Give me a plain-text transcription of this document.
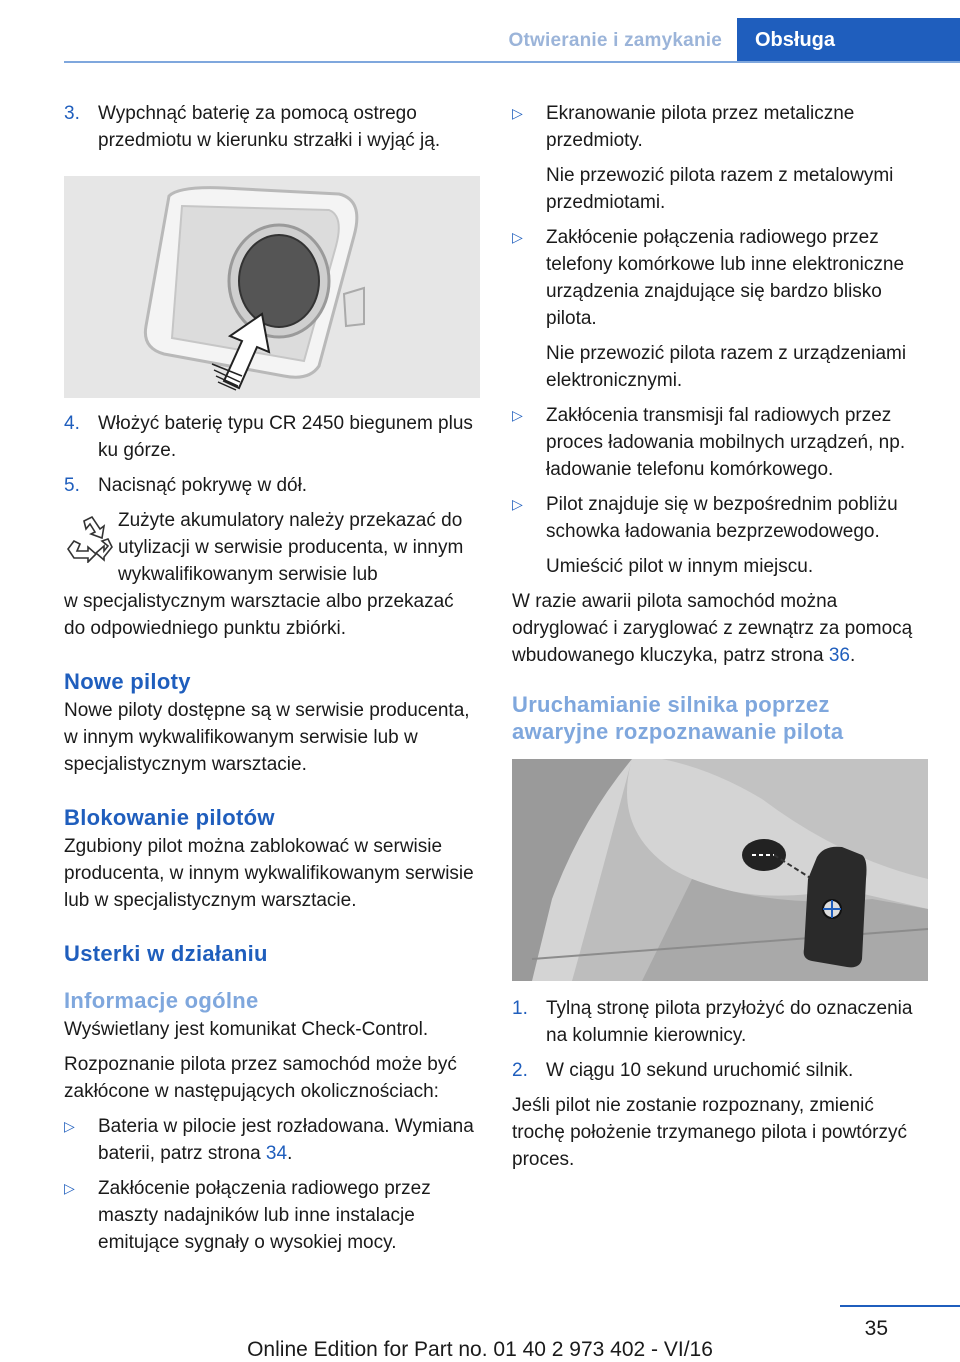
Otwieranie i zamykanie	Obsługa
3. Wypchnąć baterię za pomocą ostrego przedmiotu w kierunku strzałki i wyjąć ją.
4. Włożyć baterię typu CR 2450 biegunem plus ku górze.
5. Nacisnąć pokrywę w dół.
Zużyte akumulatory należy przekazać do utylizacji w serwisie producenta, w innym wykwalifikowanym serwisie lub
w specjalistycznym warsztacie albo przekazać do odpowiedniego punktu zbiórki.
Nowe piloty

Nowe piloty dostępne są w serwisie producenta, w innym wykwalifikowanym serwisie lub w specjalistycznym warsztacie.

Blokowanie pilotów

Zgubiony pilot można zablokować w serwisie producenta, w innym wykwalifikowanym serwisie lub w specjalistycznym warsztacie.

Usterki w działaniu
Informacje ogólne

Wyświetlany jest komunikat Check-Control.

Rozpoznanie pilota przez samochód może być zakłócone w następujących okolicznościach:

▷ Bateria w pilocie jest rozładowana. Wymiana baterii, patrz strona 34.
▷ Zakłócenie połączenia radiowego przez maszty nadajników lub inne instalacje emitujące sygnały o wysokiej mocy.
▷ Ekranowanie pilota przez metaliczne przedmioty.

Nie przewozić pilota razem z metalowymi przedmiotami.

▷ Zakłócenie połączenia radiowego przez telefony komórkowe lub inne elektroniczne urządzenia znajdujące się bardzo blisko pilota.

Nie przewozić pilota razem z urządzeniami elektronicznymi.

▷ Zakłócenia transmisji fal radiowych przez proces ładowania mobilnych urządzeń, np. ładowanie telefonu komórkowego.
▷ Pilot znajduje się w bezpośrednim pobliżu schowka ładowania bezprzewodowego.

Umieścić pilot w innym miejscu.

W razie awarii pilota samochód można odryglować i zaryglować z zewnątrz za pomocą wbudowanego kluczyka, patrz strona 36.

Uruchamianie silnika poprzez awaryjne rozpoznawanie pilota
1. Tylną stronę pilota przyłożyć do oznaczenia na kolumnie kierownicy.
2. W ciągu 10 sekund uruchomić silnik.

Jeśli pilot nie zostanie rozpoznany, zmienić trochę położenie trzymanego pilota i powtórzyć proces.

35
Online Edition for Part no. 01 40 2 973 402 - VI/16
